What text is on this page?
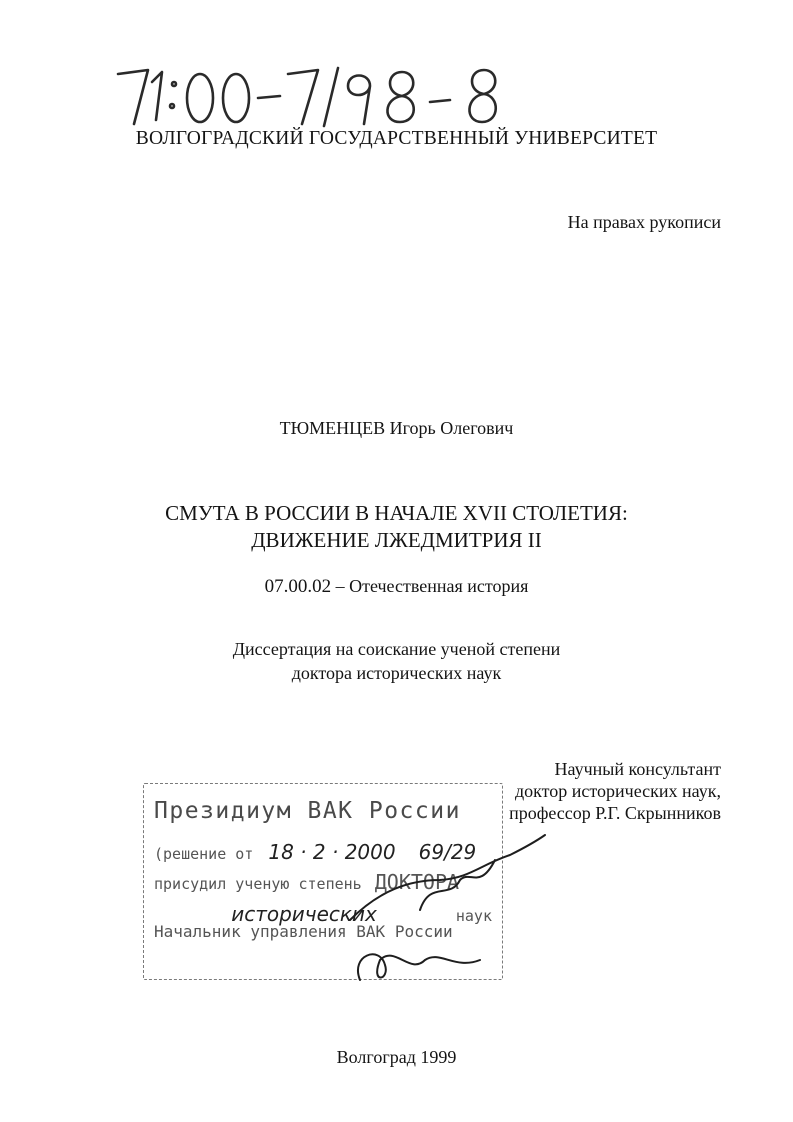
ВОЛГОГРАДСКИЙ ГОСУДАРСТВЕННЫЙ УНИВЕРСИТЕТ
На правах рукописи
ТЮМЕНЦЕВ Игорь Олегович
СМУТА В РОССИИ В НАЧАЛЕ XVII СТОЛЕТИЯ:
ДВИЖЕНИЕ ЛЖЕДМИТРИЯ II
07.00.02 – Отечественная история
Диссертация на соискание ученой степени
доктора исторических наук
Научный консультант
доктор исторических наук,
профессор Р.Г. Скрынников
Президиум ВАК России
(решение от 18 · 2 · 2000 69/29
присудил ученую степень ДОКТОРА
исторических	наук
Начальник управления ВАК России
Волгоград 1999
